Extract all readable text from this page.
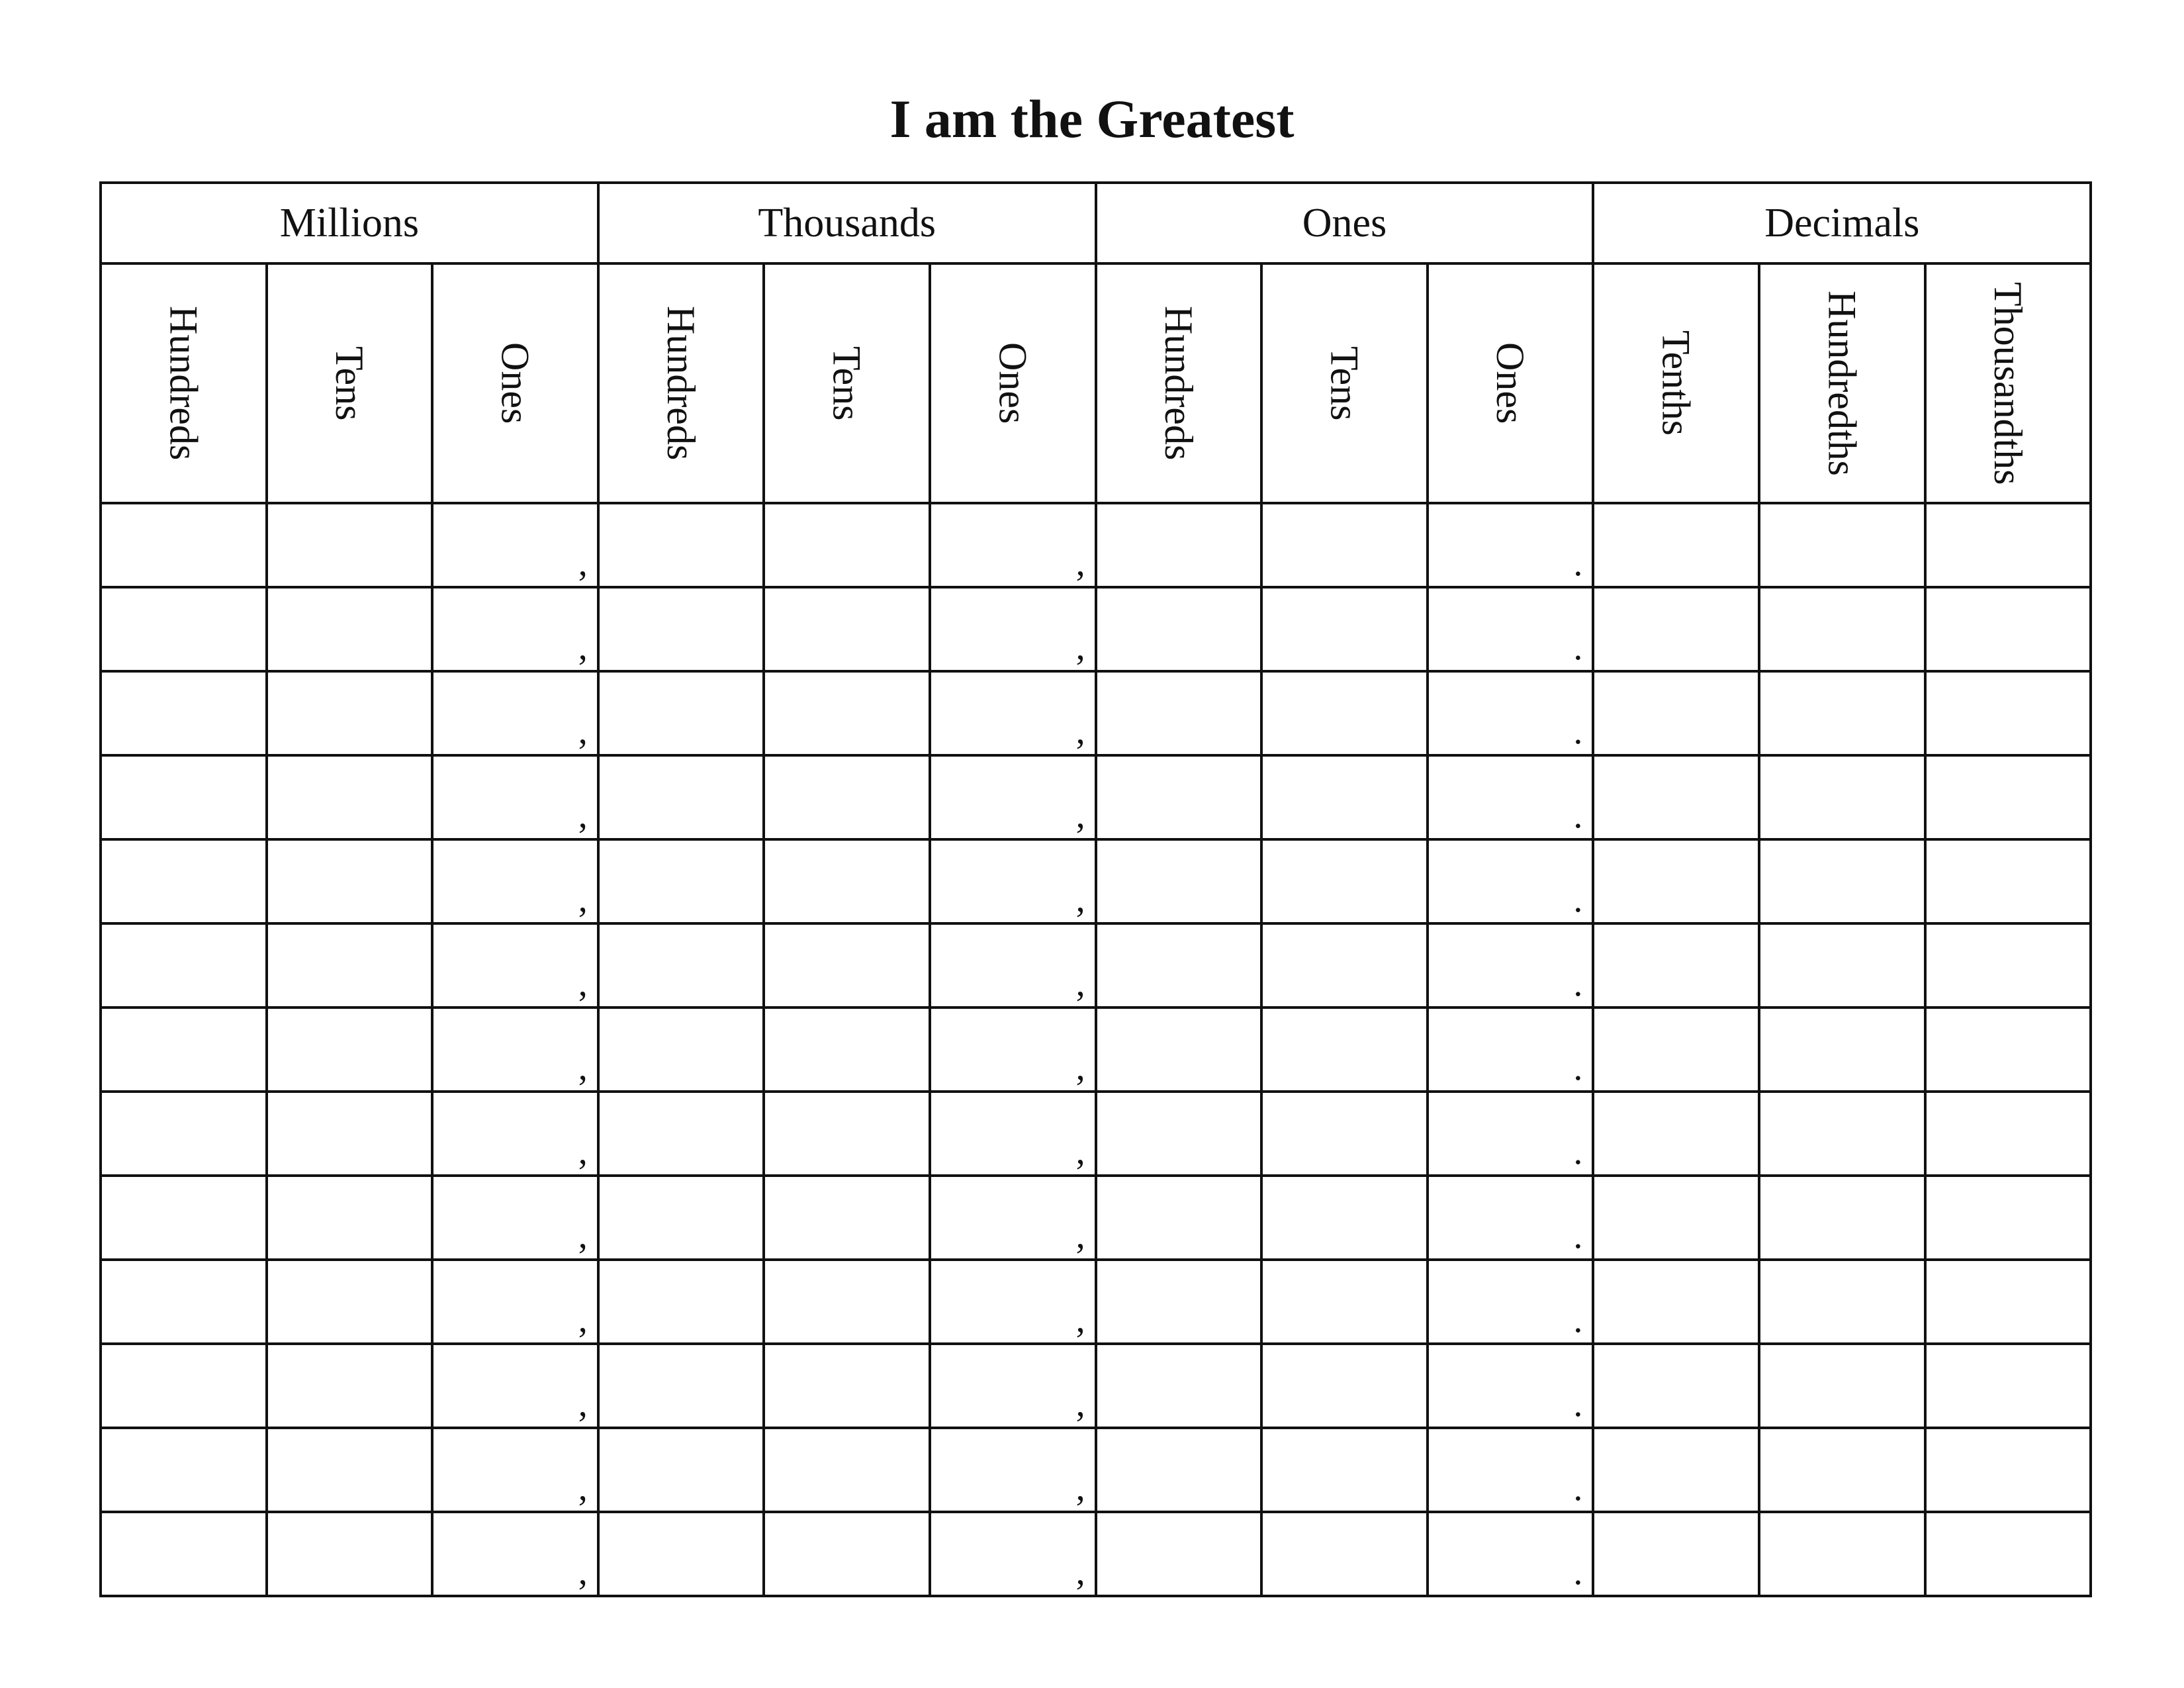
I am the Greatest
Millions			Thousands			Ones			Decimals		

Hundreds	Tens	Ones	Hundreds	Tens	Ones	Hundreds	Tens	Ones	Tenths	Hundredths	Thousandths

		,			,			.			

		,			,			.			

		,			,			.			

		,			,			.			

		,			,			.			

		,			,			.			

		,			,			.			

		,			,			.			

		,			,			.			

		,			,			.			

		,			,			.			

		,			,			.			

		,			,			.			
